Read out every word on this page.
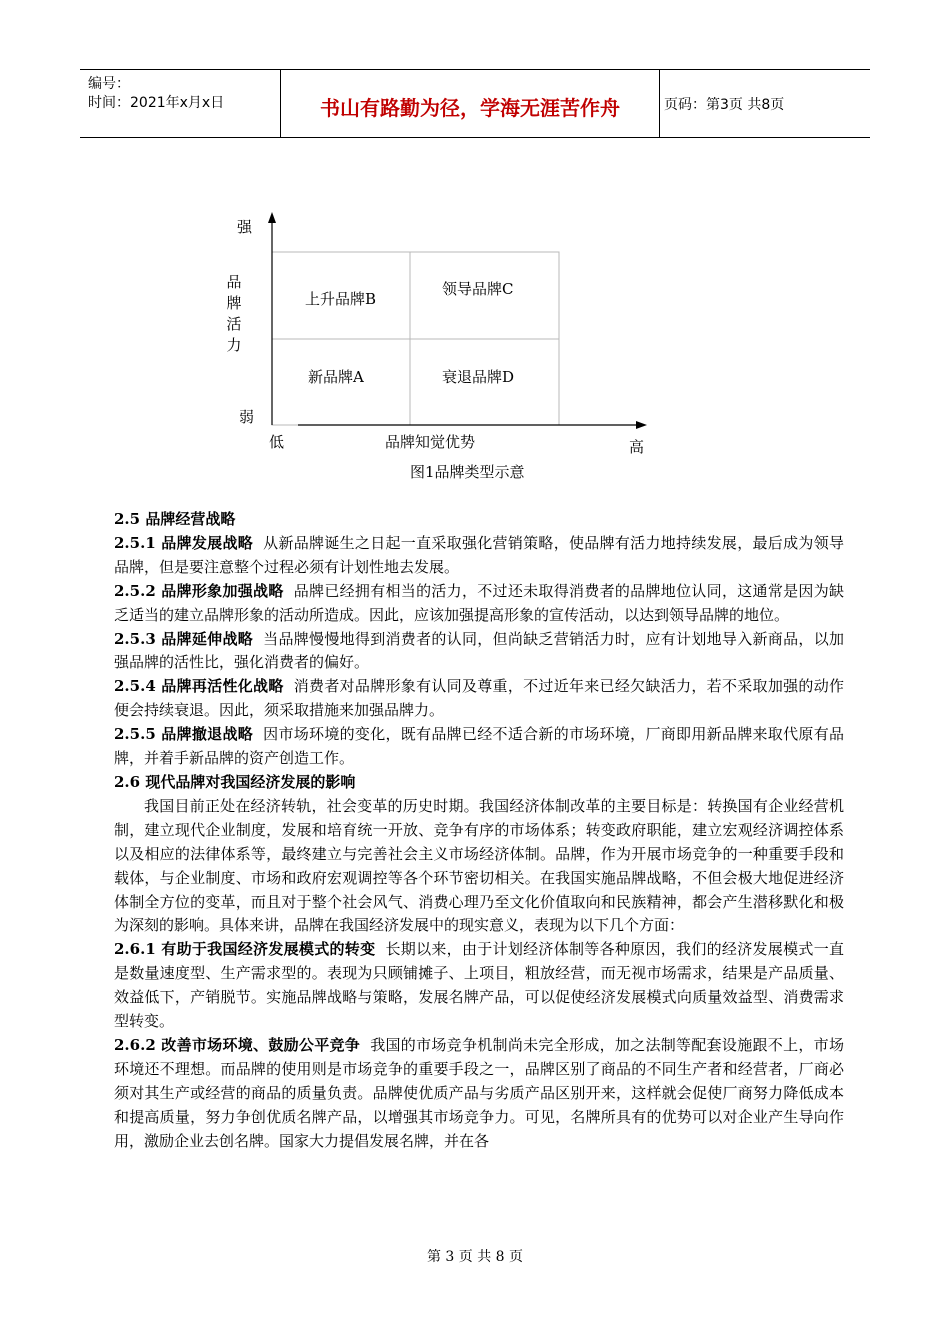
编号：
时间：2021年x月x日	书山有路勤为径，学海无涯苦作舟	页码：第3页 共8页
强
品
牌
活
力
弱
低	品牌知觉优势	高
上升品牌B
领导品牌C
新品牌A	衰退品牌D
图1品牌类型示意

2.5 品牌经营战略

2.5.1 品牌发展战略 从新品牌诞生之日起一直采取强化营销策略，使品牌有活力地持续发展，最后成为领导品牌，但是要注意整个过程必须有计划性地去发展。

2.5.2 品牌形象加强战略 品牌已经拥有相当的活力，不过还未取得消费者的品牌地位认同，这通常是因为缺乏适当的建立品牌形象的活动所造成。因此，应该加强提高形象的宣传活动，以达到领导品牌的地位。

2.5.3 品牌延伸战略 当品牌慢慢地得到消费者的认同，但尚缺乏营销活力时，应有计划地导入新商品，以加强品牌的活性比，强化消费者的偏好。

2.5.4 品牌再活性化战略 消费者对品牌形象有认同及尊重，不过近年来已经欠缺活力，若不采取加强的动作便会持续衰退。因此，须采取措施来加强品牌力。

2.5.5 品牌撤退战略 因市场环境的变化，既有品牌已经不适合新的市场环境，厂商即用新品牌来取代原有品牌，并着手新品牌的资产创造工作。

2.6 现代品牌对我国经济发展的影响

我国目前正处在经济转轨，社会变革的历史时期。我国经济体制改革的主要目标是：转换国有企业经营机制，建立现代企业制度，发展和培育统一开放、竞争有序的市场体系；转变政府职能，建立宏观经济调控体系以及相应的法律体系等，最终建立与完善社会主义市场经济体制。品牌，作为开展市场竞争的一种重要手段和载体，与企业制度、市场和政府宏观调控等各个环节密切相关。在我国实施品牌战略，不但会极大地促进经济体制全方位的变革，而且对于整个社会风气、消费心理乃至文化价值取向和民族精神，都会产生潜移默化和极为深刻的影响。具体来讲，品牌在我国经济发展中的现实意义，表现为以下几个方面：

2.6.1 有助于我国经济发展模式的转变 长期以来，由于计划经济体制等各种原因，我们的经济发展模式一直是数量速度型、生产需求型的。表现为只顾铺摊子、上项目，粗放经营，而无视市场需求，结果是产品质量、效益低下，产销脱节。实施品牌战略与策略，发展名牌产品，可以促使经济发展模式向质量效益型、消费需求型转变。

2.6.2 改善市场环境、鼓励公平竞争 我国的市场竞争机制尚未完全形成，加之法制等配套设施跟不上，市场环境还不理想。而品牌的使用则是市场竞争的重要手段之一，品牌区别了商品的不同生产者和经营者，厂商必须对其生产或经营的商品的质量负责。品牌使优质产品与劣质产品区别开来，这样就会促使厂商努力降低成本和提高质量，努力争创优质名牌产品，以增强其市场竞争力。可见，名牌所具有的优势可以对企业产生导向作用，激励企业去创名牌。国家大力提倡发展名牌，并在各

第 3 页 共 8 页
